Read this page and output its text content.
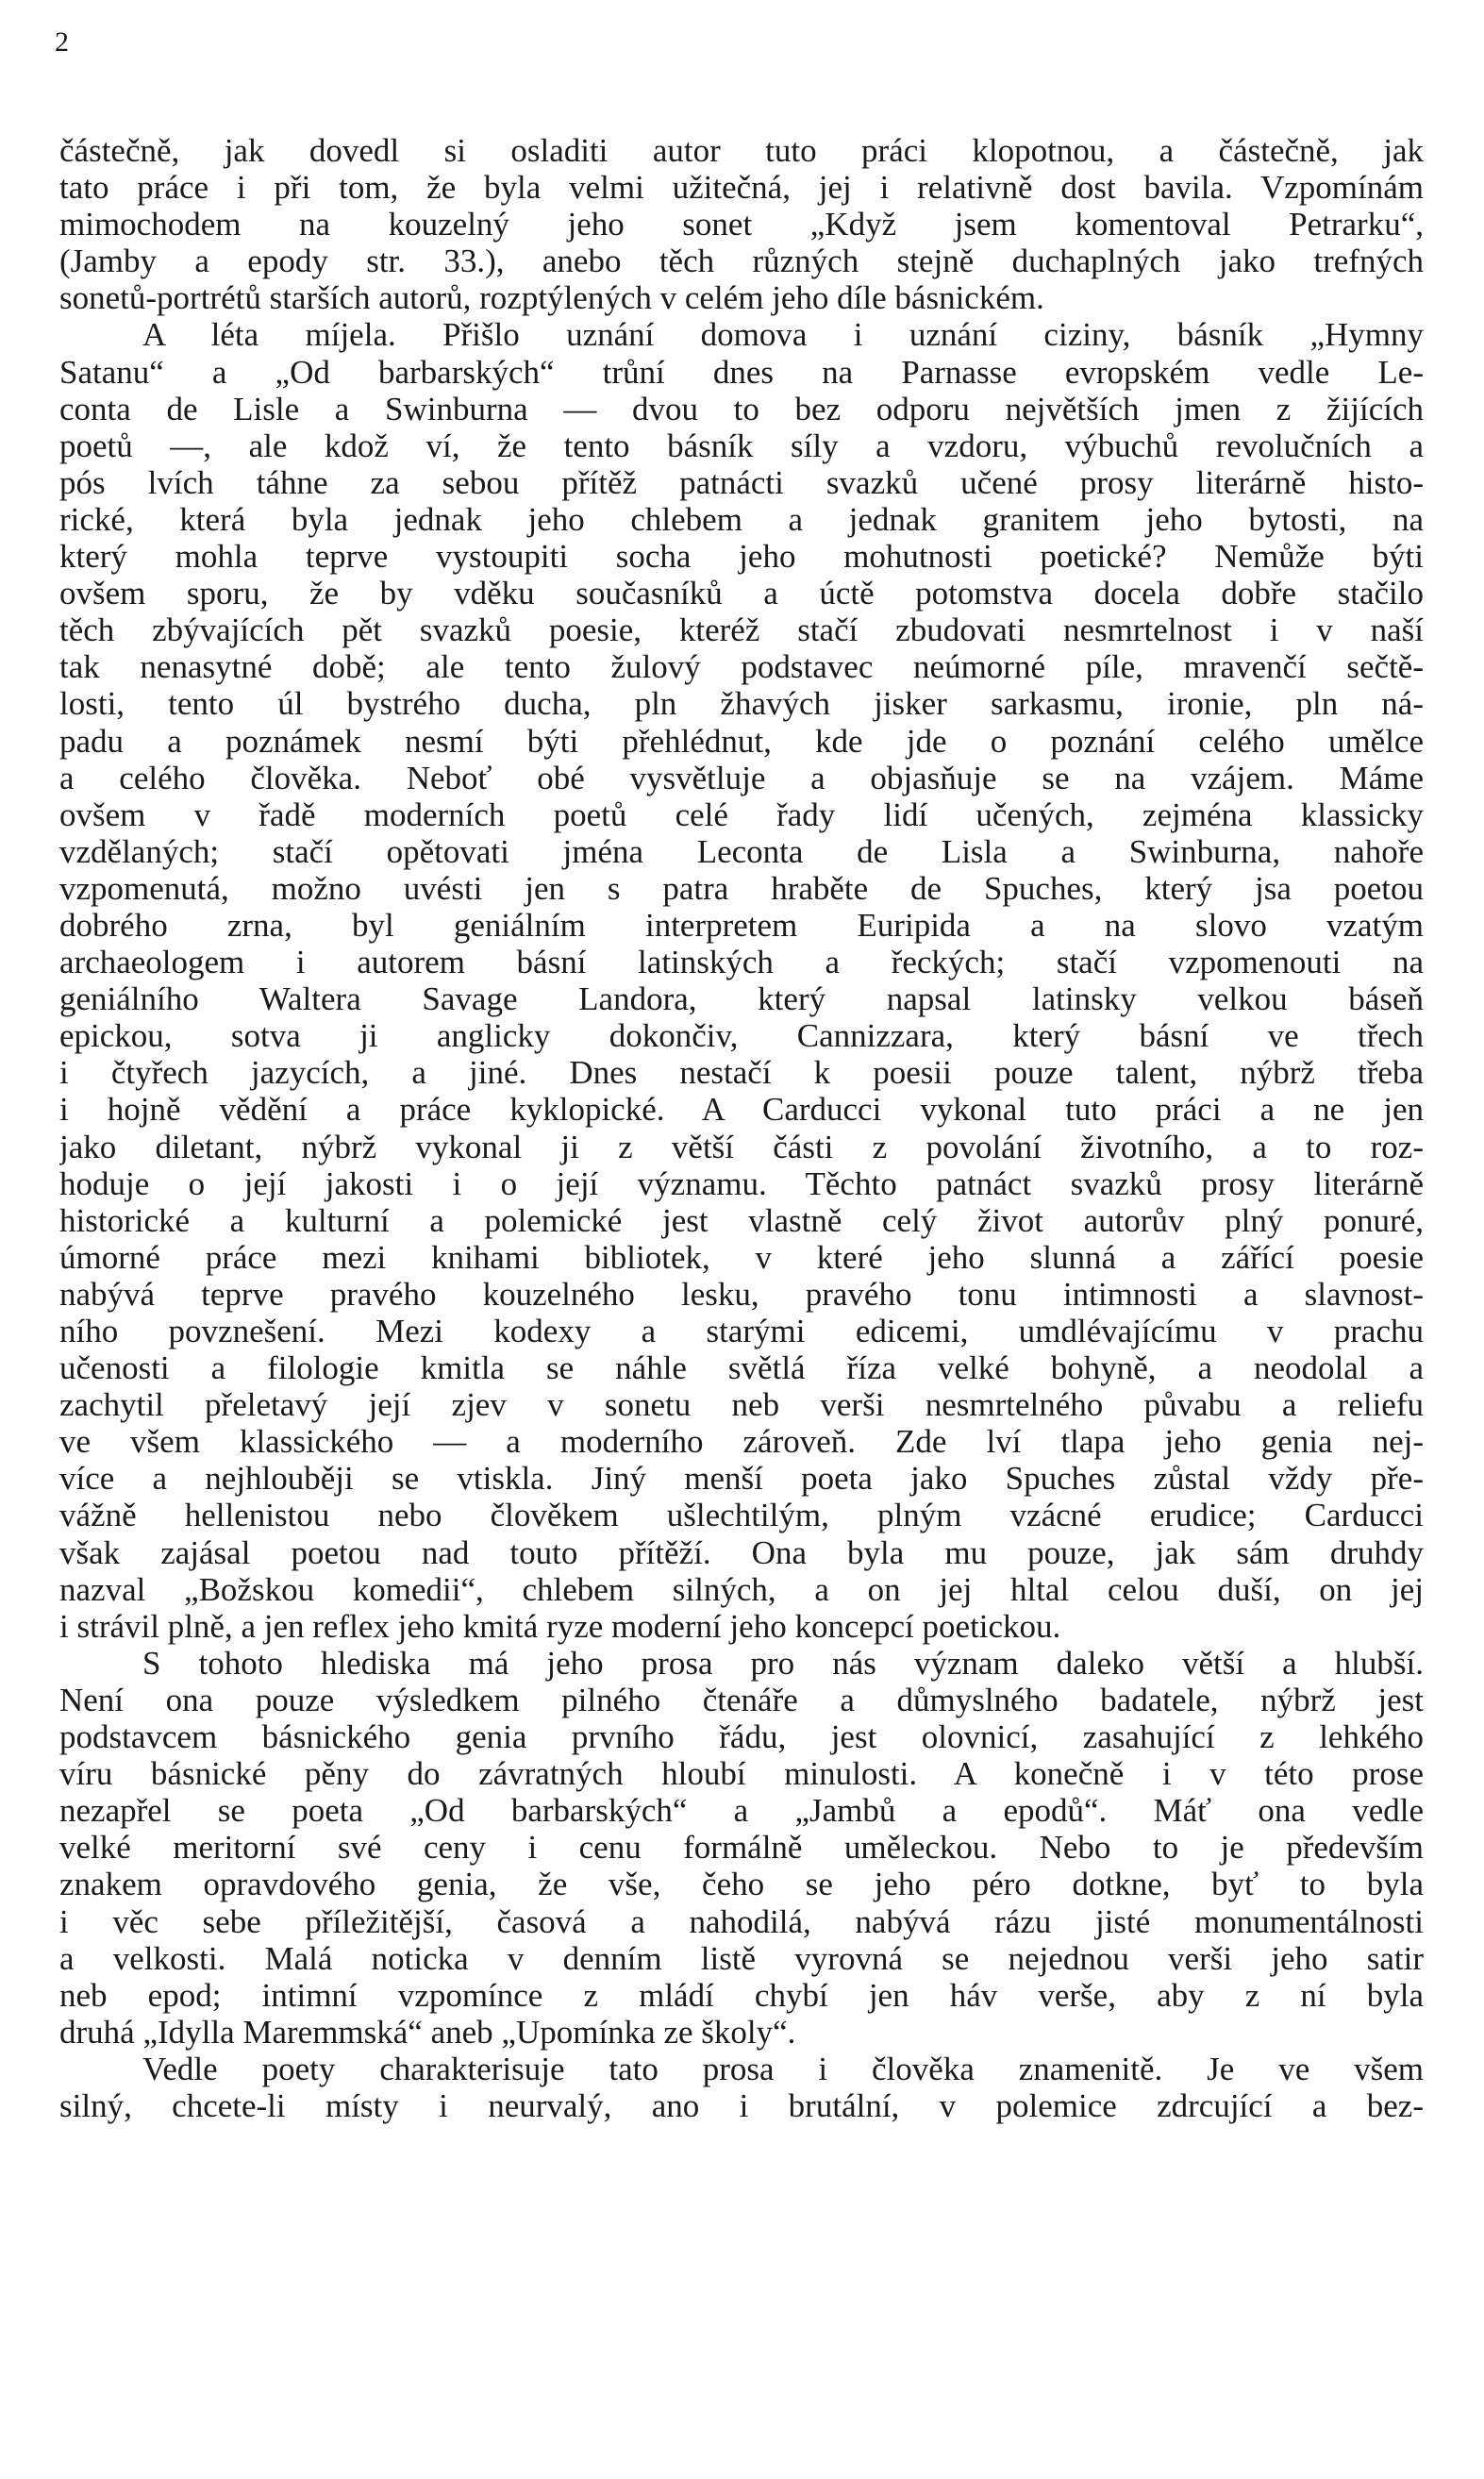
2
částečně, jak dovedl si osladiti autor tuto práci klopotnou, a částečně, jak
tato práce i při tom, že byla velmi užitečná, jej i relativně dost bavila. Vzpomínám
mimochodem na kouzelný jeho sonet „Když jsem komentoval Petrarku“,
(Jamby a epody str. 33.), anebo těch různých stejně duchaplných jako trefných
sonetů-portrétů starších autorů, rozptýlených v celém jeho díle básnickém.
A léta míjela. Přišlo uznání domova i uznání ciziny, básník „Hymny
Satanu“ a „Od barbarských“ trůní dnes na Parnasse evropském vedle Le-
conta de Lisle a Swinburna — dvou to bez odporu největších jmen z žijících
poetů —, ale kdož ví, že tento básník síly a vzdoru, výbuchů revolučních a
pós lvích táhne za sebou přítěž patnácti svazků učené prosy literárně histo-
rické, která byla jednak jeho chlebem a jednak granitem jeho bytosti, na
který mohla teprve vystoupiti socha jeho mohutnosti poetické? Nemůže býti
ovšem sporu, že by vděku současníků a úctě potomstva docela dobře stačilo
těch zbývajících pět svazků poesie, kteréž stačí zbudovati nesmrtelnost i v naší
tak nenasytné době; ale tento žulový podstavec neúmorné píle, mravenčí sečtě-
losti, tento úl bystrého ducha, pln žhavých jisker sarkasmu, ironie, pln ná-
padu a poznámek nesmí býti přehlédnut, kde jde o poznání celého umělce
a celého člověka. Neboť obé vysvětluje a objasňuje se na vzájem. Máme
ovšem v řadě moderních poetů celé řady lidí učených, zejména klassicky
vzdělaných; stačí opětovati jména Leconta de Lisla a Swinburna, nahoře
vzpomenutá, možno uvésti jen s patra hraběte de Spuches, který jsa poetou
dobrého zrna, byl geniálním interpretem Euripida a na slovo vzatým
archaeologem i autorem básní latinských a řeckých; stačí vzpomenouti na
geniálního Waltera Savage Landora, který napsal latinsky velkou báseň
epickou, sotva ji anglicky dokončiv, Cannizzara, který básní ve třech
i čtyřech jazycích, a jiné. Dnes nestačí k poesii pouze talent, nýbrž třeba
i hojně vědění a práce kyklopické. A Carducci vykonal tuto práci a ne jen
jako diletant, nýbrž vykonal ji z větší části z povolání životního, a to roz-
hoduje o její jakosti i o její významu. Těchto patnáct svazků prosy literárně
historické a kulturní a polemické jest vlastně celý život autorův plný ponuré,
úmorné práce mezi knihami bibliotek, v které jeho slunná a zářící poesie
nabývá teprve pravého kouzelného lesku, pravého tonu intimnosti a slavnost-
ního povznešení. Mezi kodexy a starými edicemi, umdlévajícímu v prachu
učenosti a filologie kmitla se náhle světlá říza velké bohyně, a neodolal a
zachytil přeletavý její zjev v sonetu neb verši nesmrtelného půvabu a reliefu
ve všem klassického — a moderního zároveň. Zde lví tlapa jeho genia nej-
více a nejhlouběji se vtiskla. Jiný menší poeta jako Spuches zůstal vždy pře-
vážně hellenistou nebo člověkem ušlechtilým, plným vzácné erudice; Carducci
však zajásal poetou nad touto přítěží. Ona byla mu pouze, jak sám druhdy
nazval „Božskou komedii“, chlebem silných, a on jej hltal celou duší, on jej
i strávil plně, a jen reflex jeho kmitá ryze moderní jeho koncepcí poetickou.
S tohoto hlediska má jeho prosa pro nás význam daleko větší a hlubší.
Není ona pouze výsledkem pilného čtenáře a důmyslného badatele, nýbrž jest
podstavcem básnického genia prvního řádu, jest olovnicí, zasahující z lehkého
víru básnické pěny do závratných hloubí minulosti. A konečně i v této prose
nezapřel se poeta „Od barbarských“ a „Jambů a epodů“. Máť ona vedle
velké meritorní své ceny i cenu formálně uměleckou. Nebo to je především
znakem opravdového genia, že vše, čeho se jeho péro dotkne, byť to byla
i věc sebe příležitější, časová a nahodilá, nabývá rázu jisté monumentálnosti
a velkosti. Malá noticka v denním listě vyrovná se nejednou verši jeho satir
neb epod; intimní vzpomínce z mládí chybí jen háv verše, aby z ní byla
druhá „Idylla Maremmská“ aneb „Upomínka ze školy“.
Vedle poety charakterisuje tato prosa i člověka znamenitě. Je ve všem
silný, chcete-li místy i neurvalý, ano i brutální, v polemice zdrcující a bez-
